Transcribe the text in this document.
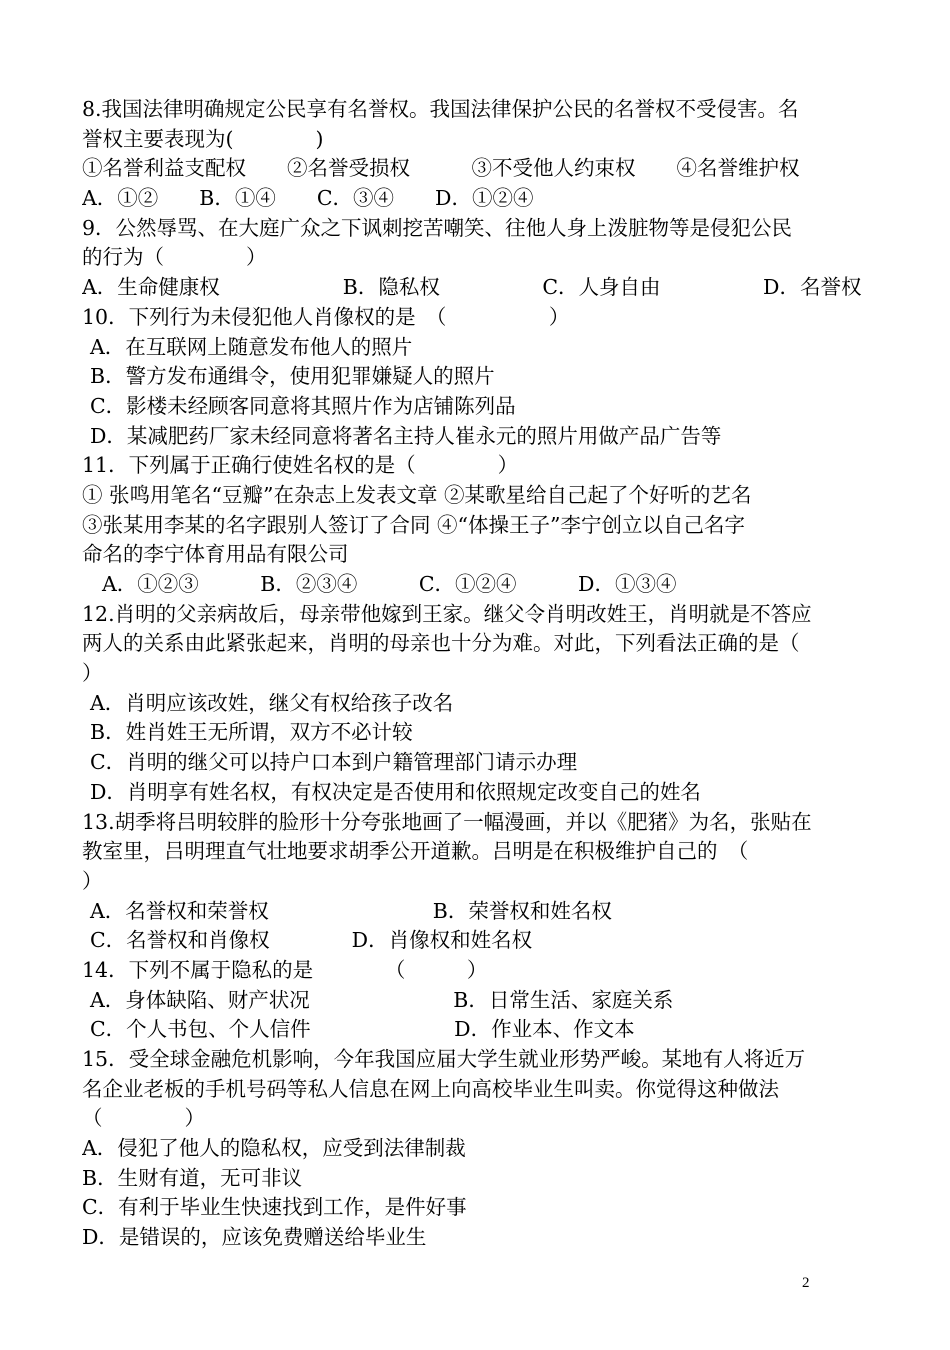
8.我国法律明确规定公民享有名誉权。我国法律保护公民的名誉权不受侵害。名
誉权主要表现为(　　　　)
①名誉利益支配权　　②名誉受损权　　　③不受他人约束权　　④名誉维护权
A．①②　　B．①④　　C．③④　　D．①②④
9．公然辱骂、在大庭广众之下讽刺挖苦嘲笑、往他人身上泼脏物等是侵犯公民
的行为（　　　　）
A．生命健康权　　　　　　B．隐私权　　　　　C．人身自由　　　　　D．名誉权
10．下列行为未侵犯他人肖像权的是　（　　　　　）
A．在互联网上随意发布他人的照片
B．警方发布通缉令，使用犯罪嫌疑人的照片
C．影楼未经顾客同意将其照片作为店铺陈列品
D．某减肥药厂家未经同意将著名主持人崔永元的照片用做产品广告等
11．下列属于正确行使姓名权的是（　　　　）
① 张鸣用笔名“豆瓣”在杂志上发表文章 ②某歌星给自己起了个好听的艺名
③张某用李某的名字跟别人签订了合同 ④“体操王子”李宁创立以自己名字
命名的李宁体育用品有限公司
A．①②③　　　B．②③④　　　C．①②④　　　D．①③④
12.肖明的父亲病故后，母亲带他嫁到王家。继父令肖明改姓王，肖明就是不答应
两人的关系由此紧张起来，肖明的母亲也十分为难。对此，下列看法正确的是（
）
A．肖明应该改姓，继父有权给孩子改名
B．姓肖姓王无所谓，双方不必计较
C．肖明的继父可以持户口本到户籍管理部门请示办理
D．肖明享有姓名权，有权决定是否使用和依照规定改变自己的姓名
13.胡季将吕明较胖的脸形十分夸张地画了一幅漫画，并以《肥猪》为名，张贴在
教室里，吕明理直气壮地要求胡季公开道歉。吕明是在积极维护自己的　（
）
A．名誉权和荣誉权　　　　　　　　B．荣誉权和姓名权
C．名誉权和肖像权　　　　D．肖像权和姓名权
14．下列不属于隐私的是　　　　（　　　）
A．身体缺陷、财产状况　　　　　　　B．日常生活、家庭关系
C．个人书包、个人信件　　　　　　　D．作业本、作文本
15．受全球金融危机影响，今年我国应届大学生就业形势严峻。某地有人将近万
名企业老板的手机号码等私人信息在网上向高校毕业生叫卖。你觉得这种做法
（　　　　）
A．侵犯了他人的隐私权，应受到法律制裁
B．生财有道，无可非议
C．有利于毕业生快速找到工作，是件好事
D．是错误的，应该免费赠送给毕业生
2
